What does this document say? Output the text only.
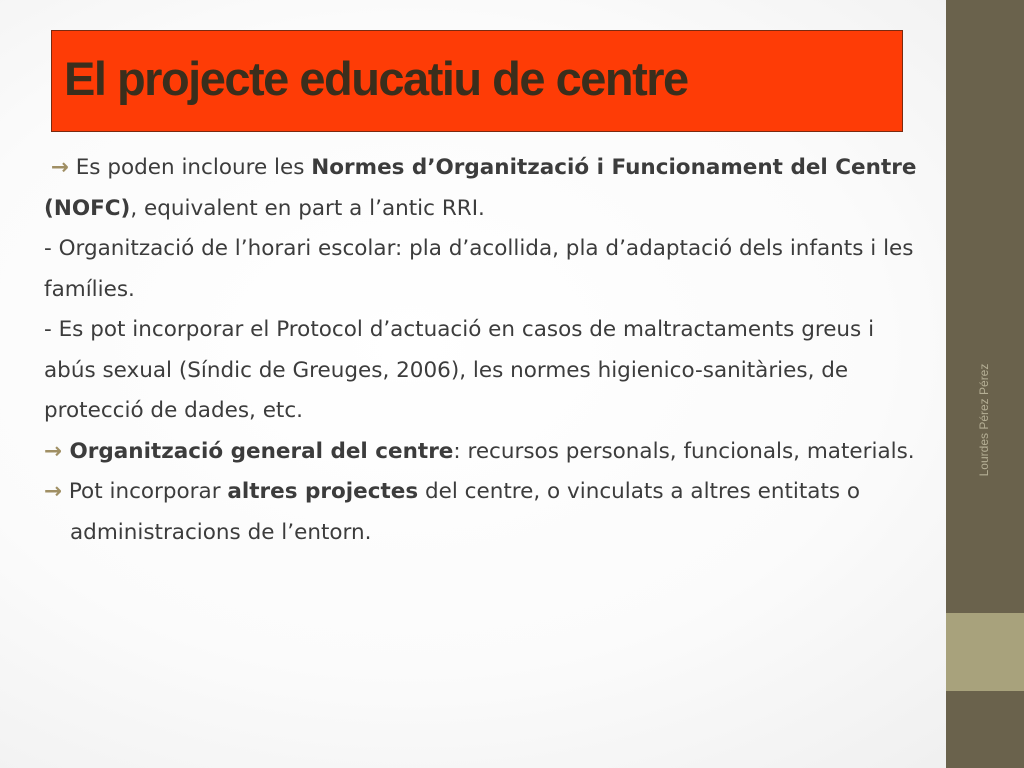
El projecte educatiu de centre

→ Es poden incloure les Normes d’Organització i Funcionament del Centre (NOFC), equivalent en part a l’antic RRI.

- Organització de l’horari escolar: pla d’acollida, pla d’adaptació dels infants i les famílies.

- Es pot incorporar el Protocol d’actuació en casos de maltractaments greus i abús sexual (Síndic de Greuges, 2006), les normes higienico-sanitàries, de protecció de dades, etc.

→ Organització general del centre: recursos personals, funcionals, materials.

→ Pot incorporar altres projectes del centre, o vinculats a altres entitats o administracions de l’entorn.

Lourdes Pérez Pérez
